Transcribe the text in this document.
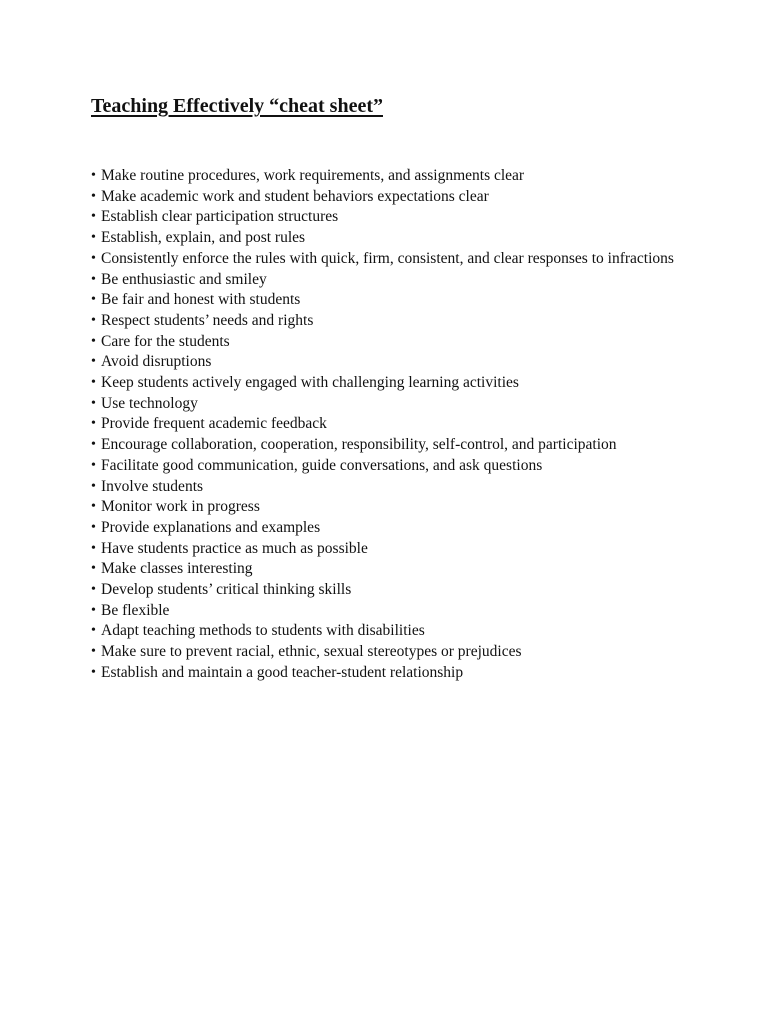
Teaching Effectively “cheat sheet”
• Make routine procedures, work requirements, and assignments clear
• Make academic work and student behaviors expectations clear
• Establish clear participation structures
• Establish, explain, and post rules
• Consistently enforce the rules with quick, firm, consistent, and clear responses to infractions
• Be enthusiastic and smiley
• Be fair and honest with students
• Respect students’ needs and rights
• Care for the students
• Avoid disruptions
• Keep students actively engaged with challenging learning activities
• Use technology
• Provide frequent academic feedback
• Encourage collaboration, cooperation, responsibility, self-control, and participation
• Facilitate good communication, guide conversations, and ask questions
• Involve students
• Monitor work in progress
• Provide explanations and examples
• Have students practice as much as possible
• Make classes interesting
• Develop students’ critical thinking skills
• Be flexible
• Adapt teaching methods to students with disabilities
• Make sure to prevent racial, ethnic, sexual stereotypes or prejudices
• Establish and maintain a good teacher-student relationship
